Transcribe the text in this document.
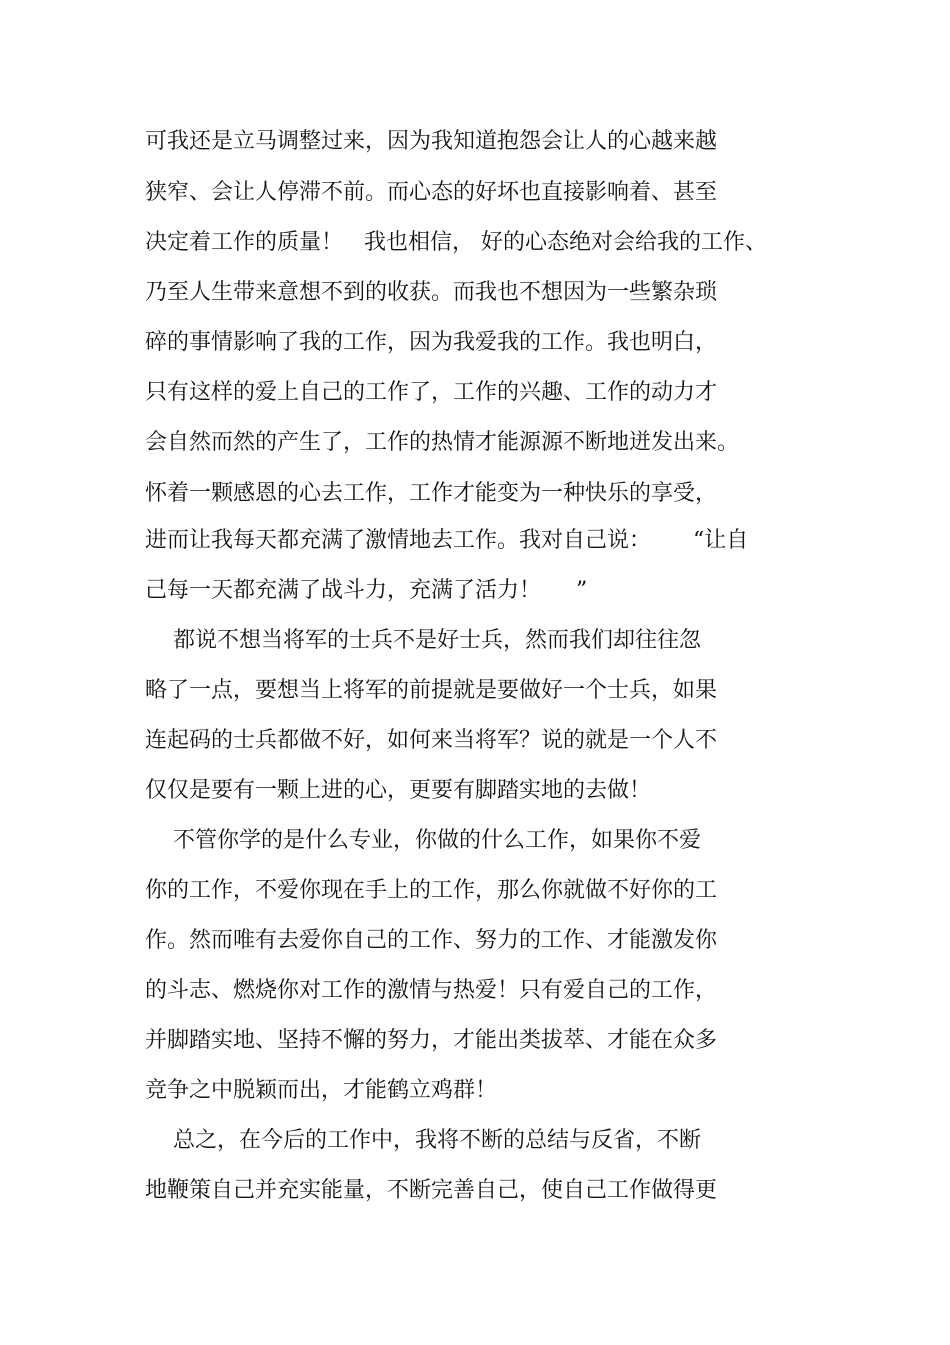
可我还是立马调整过来，因为我知道抱怨会让人的心越来越
狭窄、会让人停滞不前。而心态的好坏也直接影响着、甚至
决定着工作的质量！   我也相信， 好的心态绝对会给我的工作、
乃至人生带来意想不到的收获。而我也不想因为一些繁杂琐
碎的事情影响了我的工作，因为我爱我的工作。我也明白，
只有这样的爱上自己的工作了，工作的兴趣、工作的动力才
会自然而然的产生了，工作的热情才能源源不断地迸发出来。
怀着一颗感恩的心去工作，工作才能变为一种快乐的享受，
进而让我每天都充满了激情地去工作。我对自己说：      “让自
己每一天都充满了战斗力，充满了活力！     ”
都说不想当将军的士兵不是好士兵，然而我们却往往忽
略了一点，要想当上将军的前提就是要做好一个士兵，如果
连起码的士兵都做不好，如何来当将军？说的就是一个人不
仅仅是要有一颗上进的心，更要有脚踏实地的去做！
不管你学的是什么专业，你做的什么工作，如果你不爱
你的工作，不爱你现在手上的工作，那么你就做不好你的工
作。然而唯有去爱你自己的工作、努力的工作、才能激发你
的斗志、燃烧你对工作的激情与热爱！只有爱自己的工作，
并脚踏实地、坚持不懈的努力，才能出类拔萃、才能在众多
竞争之中脱颖而出，才能鹤立鸡群！
总之，在今后的工作中，我将不断的总结与反省，不断
地鞭策自己并充实能量，不断完善自己，使自己工作做得更
